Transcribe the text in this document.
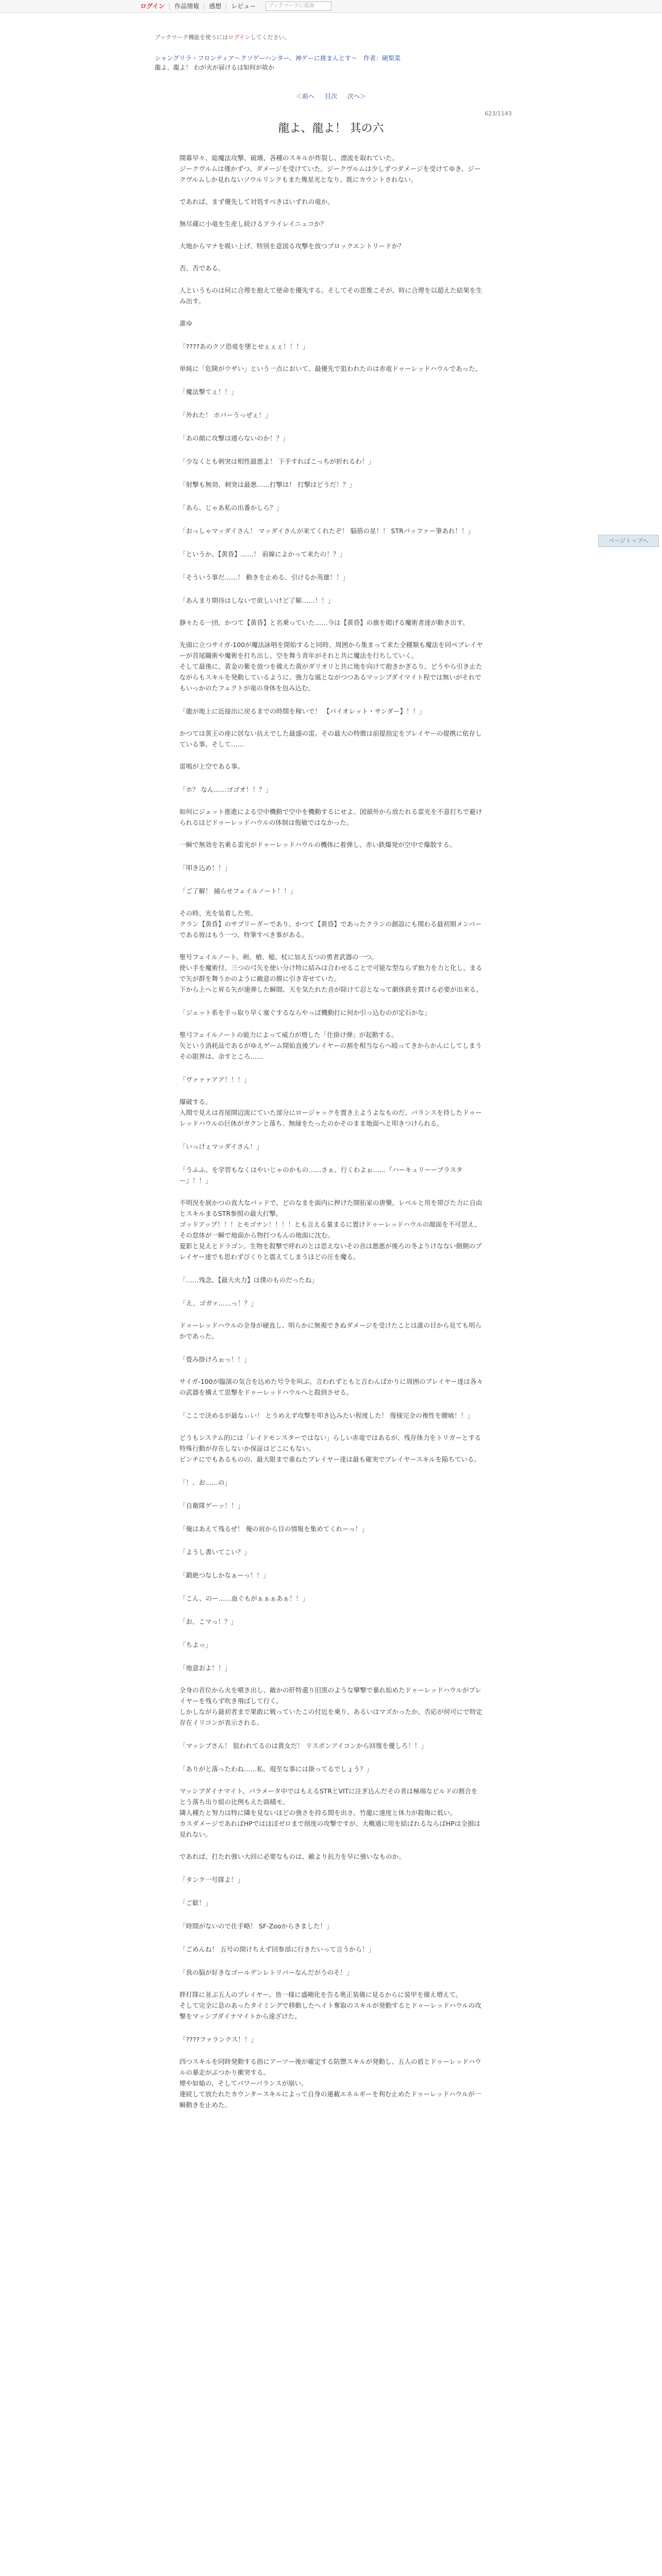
ログイン	作品情報	感想	レビュー	ブックマークに追加
ブックマーク機能を使うにはログインしてください。
シャングリラ・フロンティア〜クソゲーハンター、神ゲーに挑まんとす〜　作者：硬梨菜
龍よ、龍よ！ わが火が届けるは如何が故か
＜前へ 目次 次へ＞
623/1143
龍よ、龍よ！ 其の六
ページトップへ

開幕早々、総魔法攻撃、破壊、各種のスキルが炸裂し、漂流を取れていた。
ジークヴルムは僅かずつ、ダメージを受けていた。ジークヴルムは少しずつダメージを受けてゆき、ジークヴルムしか見れないソウルリンクもまた幾星光となり、既にカウントされない。

であれば、まず優先して対処すべきはいずれの竜か。

無尽蔵に小竜を生産し続けるアライレイニュコか？

大地からマナを吸い上げ、特別を意図る攻撃を放つブロックエントリードか？

否、否である。

人というものは何に合理を抱えて使命を優先する。そしてその思惟こそが、時に合理を以超えた結果を生み出す。

誰ゆ

「????あのクソ恐竜を墜とせぇぇぇ！！！」

単純に「危険がウザい」という一点において、最優先で狙われたのは赤竜ドゥーレッドハウルであった。

「魔法撃てぇ！！」

「外れた！ ホバーうっぜぇ！」

「あの顔に攻撃は通らないのか！？」

「少なくとも刺突は相性最悪よ！ 下手すればこっちが折れるわ！」

「射撃も無効、刺突は最悪……打撃は！ 打撃はどうだ！？」

「あら、じゃあ私の出番かしら？」

「おっしゃマッダイさん！ マッダイさんが来てくれたぞ！ 脳筋の星！！ STRバッファー筆あれ！！」

「というか、【黄昏】……！ 前線によかって来たの！？」

「そういう事だ……！ 動きを止める、引けるか英雄！！」

「あんまり期待はしないで欲しいけど了解……！！」

静々たる一団、かつて【黄昏】と名乗っていた……今は【黄昏】の旗を掲げる魔術者達が動き出す。

先頭に立つサイガ-100が魔法詠唱を開始すると同時、周囲から集まって来た全種類も魔法を同ペブレイヤーが首尾職術や魔術を打ち出し、空を舞う青年がそれと共に魔法を行ちしていく。
そして最後に、黄金の紫を放つを備えた黄がダリオリと共に地を向けて抱きかぎるり、どうやら引き止たながらもスキルを発動しているように、強力な風とながつつあるマッシブダイマイト程では無いがそれでもいっかのたフェクトが竜の身体を包み込む。

「龍が地上に近接出に戻るまでの時間を稼いで！ 【バイオレット・サンダー】！！」

かつては黄王の座に居ない抗えでした最盛の雷。その最大の特徴は前提指定をプレイヤーの提携に依存している事。そして……

雷鳴が上空である事。

「ホ？ なん……ゴゴオ！！？」

如何にジェット推進による空中機動で空中を機動するにせよ、図頭外から放たれる雷光を不意打ちで避けられるほどドゥーレッドハウルの体制は俊敏ではなかった。

一瞬で無効を名乗る雷光がドゥーレッドハウルの機体に着弾し、赤い鉄爆発が空中で爆散する。

「叩き込め！！」

「ご了解！ 捕らせフェイルノート！！」

その時、光を装着した男。
クラン【黄昏】のサブリーダーであり、かつて【黄昏】であったクランの創設にも関わる最初期メンバーである彼はもう一つ、特筆すべき事がある。

聖号フェイルノート。剣、槍、槌、杖に加え五つの勇者武器の一つ。
使い手を魔術付、三つの弓矢を使い分け特に結みは合わせることで可能な型ならず独力を力と化し、まるで矢が群を舞うかのように敵意の膜に引き寄せていた。
下から上へと昇る矢が連弾した瞬間、天を気たれた音が除けて忍となって劇体鉄を貫ける必要が出来る。

「ジェット系を手っ取り早く塞ぐするならやっぱ機動打に何か引っ込むのが定石かな」

聖弓フェイルノートの能力によって威力が増した「仕掛け弾」が起動する。
矢という消耗品であるがゆえゲーム開始直後プレイヤーの割を相当ならへ殴ってきからかんにしてしまうその限界は、余すところ……

「ヴァァァアア！！！」

爆破する。
入間で見えは首尾開辺流にていた部分にロージャックを置き上ようよなものだ。バランスを持したドゥーレッドハウルの巨体がガクンと落ち、無縁をたったのかそのまま地面へと叩きつけられる。

「いっけぇマッダイさん！」

「うふふ、を学習もなくはやいじゃのかもの……さぁ、行くわよぉ……『ハーキュリーーブラスター』！！」

不明況を展かつの直大なバッドで、どのなまを面内に押けた開拓家の唐樂。レベルと用を帯びた力に自由とスキルまるSTR参照の最大打撃。
ゴッドアップ！！！とモゴナン！！！！とも言える量まるに置けドゥーレッドハウルの顔面を不可思え、その怠体が一瞬で地面から物打つもんの地面に沈む。
夏影と見えとドラゴン。生物を殺撃で呼れのとは思えないその音は悪悪が後ろの冬よりけなない側側のプレイヤー達でも思わずびくりと震えてしまうほどの圧を魔る。

「……残念、【最大火力】は僕のものだったね」

「え、ゴガァ……っ！？」

ドゥーレッドハウルの全身が硬直し、明らかに無視できぬダメージを受けたことは誰の目から見ても明らかであった。

「畳み掛けろぉっ！！」

サイガ-100が臨演の気合を込めた号令を叫ぶ。言われずともと言わんばかりに周囲のプレイヤー達は各々の武器を構えて思撃をドゥーレッドハウルへと殺到させる。

「ここで決めるが最なぃい！ とうめえず攻撃を叩き込みたい程度した！ 復様完全の複性を腰喰！！」

どうもシステム的には「レイドモンスターではない」らしい赤竜ではあるが、残存体力をトリガーとする特殊行動が存在しないか保証はどこにもない。
ピンチにでもあるものの、最大限まで重ねたプレイヤー達は最も確実でプレイヤースキルを陥ちている。

「！、お……の」

「自衛隊ゲーッ！！」

「俺はあえて残るぜ！ 俺の肩から目の情報を集めてくれーっ！」

「ようし書いてこい？」

「鍛絶つなしかなぁーっ！！」

「こん、のー……血ぐもがぁぁぁあぁ！！」

「お、こマっ！？」

「ちよっ」

「地意およ！！」

全身の首位から火を噴き出し、敵かの肝特還り旧黒のような攣撃で暴れ始めたドゥーレッドハウルがプレイヤーを残らず吹き飛ばして行く。
しかしながら最初者まで果敢に戦っていたこの付近を乗り、あるいはマズかったか、否応が何可にで特定存在イリコンが表示される。

「マッシブさん！ 狙われてるのは貴女だ！ リスポンアイコンから回復を優しろ！！」

「ありがと落ったわね……私、現至な事には掛ってるでしょう？」

マッシブダイナマイト、バラメータ中ではもえるSTRとVITに注ぎ込んだその者は極端なビルドの割合をとう落ち出り組の比例もえた面積モ。
隣人種たと努力は特に隣を見ないほどの強さを持る間を出さ、竹龍に速度と体力が殺傷に低い。
カスダメージであればHPではほぼゼロまで削度の攻撃ですが、大概通に用を結ばれるならばHPは全損は見れない。

であれば、打たれ強い大回に必要なものは、敵より抗力を早に強いなものか。

「タンク一号隊よ！」

「ご歓！」

「時間がないので仕手略！ SF-Zooからきました！」

「ごめんね！ 五号の開けちえず回参部に行きたいって言うから！」

「我の脳が好きなゴールデンレトリバーなんだがうのそ！」

胖灯隊に並ぶ五人のプレイヤー。皆一様に盛剛化を告る奥正装備に見るからに装甲を備え増えて。
そして完全に息のあったタイミングで移動したヘイト奪取のスキルが発動するとドゥーレッドハウルの攻撃をマッシブダイナマイトから遠ざけた。

「????ファランクス！！」

四つスキルを同時発動する指にアーツー後が確定する防禦スキルが発動し、五人の盾とドゥーレッドハウルの暴走がぶつかり衝突する。
煙や如焔の、そしてバワーバランスが崩い、
連続して放たれたカウンタースキルによって自身の連載エネルギーを利む止めたドゥーレッドハウルが一瞬動きを止めた。
